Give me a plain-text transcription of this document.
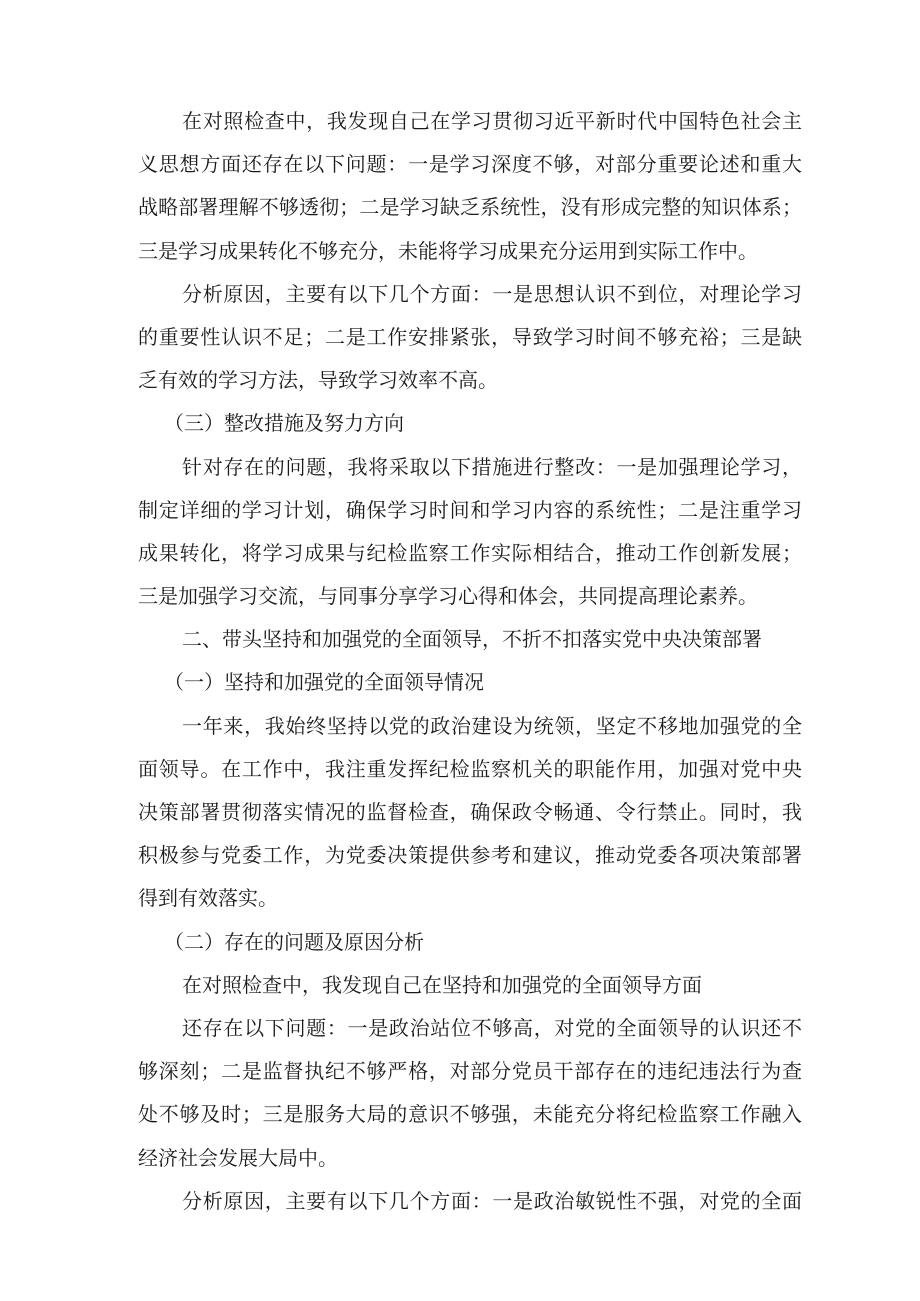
在对照检查中，我发现自己在学习贯彻习近平新时代中国特色社会主
义思想方面还存在以下问题：一是学习深度不够，对部分重要论述和重大
战略部署理解不够透彻；二是学习缺乏系统性，没有形成完整的知识体系；
三是学习成果转化不够充分，未能将学习成果充分运用到实际工作中。
分析原因，主要有以下几个方面：一是思想认识不到位，对理论学习
的重要性认识不足；二是工作安排紧张，导致学习时间不够充裕；三是缺
乏有效的学习方法，导致学习效率不高。
（三）整改措施及努力方向
针对存在的问题，我将采取以下措施进行整改：一是加强理论学习，
制定详细的学习计划，确保学习时间和学习内容的系统性；二是注重学习
成果转化，将学习成果与纪检监察工作实际相结合，推动工作创新发展；
三是加强学习交流，与同事分享学习心得和体会，共同提高理论素养。
二、带头坚持和加强党的全面领导，不折不扣落实党中央决策部署
（一）坚持和加强党的全面领导情况
一年来，我始终坚持以党的政治建设为统领，坚定不移地加强党的全
面领导。在工作中，我注重发挥纪检监察机关的职能作用，加强对党中央
决策部署贯彻落实情况的监督检查，确保政令畅通、令行禁止。同时，我
积极参与党委工作，为党委决策提供参考和建议，推动党委各项决策部署
得到有效落实。
（二）存在的问题及原因分析
在对照检查中，我发现自己在坚持和加强党的全面领导方面
还存在以下问题：一是政治站位不够高，对党的全面领导的认识还不
够深刻；二是监督执纪不够严格，对部分党员干部存在的违纪违法行为查
处不够及时；三是服务大局的意识不够强，未能充分将纪检监察工作融入
经济社会发展大局中。
分析原因，主要有以下几个方面：一是政治敏锐性不强，对党的全面
